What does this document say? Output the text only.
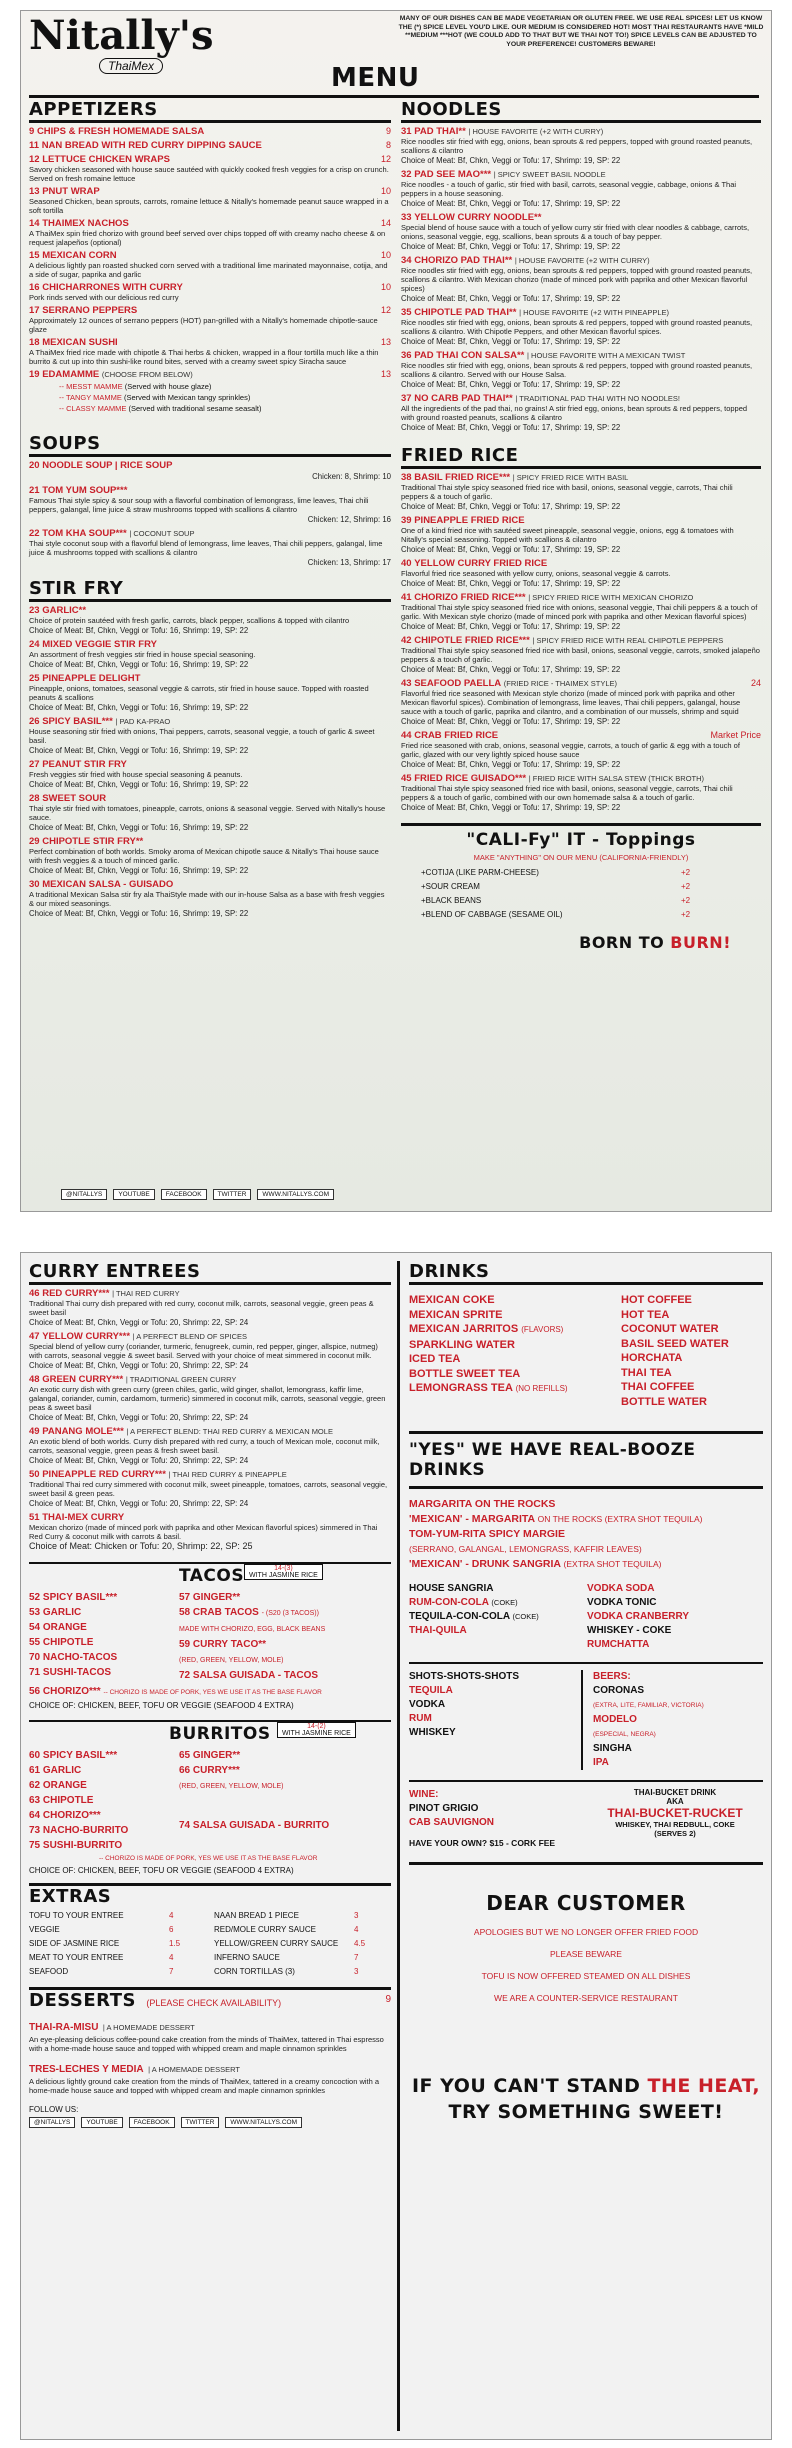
Nitally's
ThaiMex
MANY OF OUR DISHES CAN BE MADE VEGETARIAN OR GLUTEN FREE. WE USE REAL SPICES! LET US KNOW THE (*) SPICE LEVEL YOU'D LIKE. OUR MEDIUM IS CONSIDERED HOT! MOST THAI RESTAURANTS HAVE *MILD **MEDIUM ***HOT (WE COULD ADD TO THAT BUT WE THAI NOT TO!) SPICE LEVELS CAN BE ADJUSTED TO YOUR PREFERENCE! CUSTOMERS BEWARE!
MENU
APPETIZERS
9 CHIPS & FRESH HOMEMADE SALSA	9
11 NAN BREAD WITH RED CURRY DIPPING SAUCE	8
12 LETTUCE CHICKEN WRAPS	12
Savory chicken seasoned with house sauce sautéed with quickly cooked fresh veggies for a crisp on crunch. Served on fresh romaine lettuce
13 PNUT WRAP	10
Seasoned Chicken, bean sprouts, carrots, romaine lettuce & Nitally's homemade peanut sauce wrapped in a soft tortilla
14 THAIMEX NACHOS	14
A ThaiMex spin fried chorizo with ground beef served over chips topped off with creamy nacho cheese & on request jalapeños (optional)
15 MEXICAN CORN	10
A delicious lightly pan roasted shucked corn served with a traditional lime marinated mayonnaise, cotija, and a side of sugar, paprika and garlic
16 CHICHARRONES WITH CURRY	10
Pork rinds served with our delicious red curry
17 SERRANO PEPPERS	12
Approximately 12 ounces of serrano peppers (HOT) pan-grilled with a Nitally's homemade chipotle-sauce glaze
18 MEXICAN SUSHI	13
A ThaiMex fried rice made with chipotle & Thai herbs & chicken, wrapped in a flour tortilla much like a thin burrito & cut up into thin sushi-like round bites, served with a creamy sweet spicy Siracha sauce
19 EDAMAMME (CHOOSE FROM BELOW)	13
-- MESST MAMME (Served with house glaze)
-- TANGY MAMME (Served with Mexican tangy sprinkles)
-- CLASSY MAMME (Served with traditional sesame seasalt)
SOUPS
20 NOODLE SOUP | RICE SOUP
Chicken: 8, Shrimp: 10
21 TOM YUM SOUP***
Famous Thai style spicy & sour soup with a flavorful combination of lemongrass, lime leaves, Thai chili peppers, galangal, lime juice & straw mushrooms topped with scallions & cilantro
Chicken: 12, Shrimp: 16
22 TOM KHA SOUP*** | COCONUT SOUP
Thai style coconut soup with a flavorful blend of lemongrass, lime leaves, Thai chili peppers, galangal, lime juice & mushrooms topped with scallions & cilantro
Chicken: 13, Shrimp: 17
STIR FRY
23 GARLIC**
Choice of protein sautéed with fresh garlic, carrots, black pepper, scallions & topped with cilantro
Choice of Meat: Bf, Chkn, Veggi or Tofu: 16, Shrimp: 19, SP: 22
24 MIXED VEGGIE STIR FRY
An assortment of fresh veggies stir fried in house special seasoning.
Choice of Meat: Bf, Chkn, Veggi or Tofu: 16, Shrimp: 19, SP: 22
25 PINEAPPLE DELIGHT
Pineapple, onions, tomatoes, seasonal veggie & carrots, stir fried in house sauce. Topped with roasted peanuts & scallions
Choice of Meat: Bf, Chkn, Veggi or Tofu: 16, Shrimp: 19, SP: 22
26 SPICY BASIL*** | PAD KA-PRAO
House seasoning stir fried with onions, Thai peppers, carrots, seasonal veggie, a touch of garlic & sweet basil.
Choice of Meat: Bf, Chkn, Veggi or Tofu: 16, Shrimp: 19, SP: 22
27 PEANUT STIR FRY
Fresh veggies stir fried with house special seasoning & peanuts.
Choice of Meat: Bf, Chkn, Veggi or Tofu: 16, Shrimp: 19, SP: 22
28 SWEET SOUR
Thai style stir fried with tomatoes, pineapple, carrots, onions & seasonal veggie. Served with Nitally's house sauce.
Choice of Meat: Bf, Chkn, Veggi or Tofu: 16, Shrimp: 19, SP: 22
29 CHIPOTLE STIR FRY**
Perfect combination of both worlds. Smoky aroma of Mexican chipotle sauce & Nitally's Thai house sauce with fresh veggies & a touch of minced garlic.
Choice of Meat: Bf, Chkn, Veggi or Tofu: 16, Shrimp: 19, SP: 22
30 MEXICAN SALSA - GUISADO
A traditional Mexican Salsa stir fry ala ThaiStyle made with our in-house Salsa as a base with fresh veggies & our mixed seasonings.
Choice of Meat: Bf, Chkn, Veggi or Tofu: 16, Shrimp: 19, SP: 22
NOODLES
31 PAD THAI** | HOUSE FAVORITE (+2 WITH CURRY)
Rice noodles stir fried with egg, onions, bean sprouts & red peppers, topped with ground roasted peanuts, scallions & cilantro
Choice of Meat: Bf, Chkn, Veggi or Tofu: 17, Shrimp: 19, SP: 22
32 PAD SEE MAO*** | SPICY SWEET BASIL NOODLE
Rice noodles - a touch of garlic, stir fried with basil, carrots, seasonal veggie, cabbage, onions & Thai peppers in a house seasoning.
Choice of Meat: Bf, Chkn, Veggi or Tofu: 17, Shrimp: 19, SP: 22
33 YELLOW CURRY NOODLE**
Special blend of house sauce with a touch of yellow curry stir fried with clear noodles & cabbage, carrots, onions, seasonal veggie, egg, scallions, bean sprouts & a touch of bay pepper.
Choice of Meat: Bf, Chkn, Veggi or Tofu: 17, Shrimp: 19, SP: 22
34 CHORIZO PAD THAI** | HOUSE FAVORITE (+2 WITH CURRY)
Rice noodles stir fried with egg, onions, bean sprouts & red peppers, topped with ground roasted peanuts, scallions & cilantro. With Mexican chorizo (made of minced pork with paprika and other Mexican flavorful spices)
Choice of Meat: Bf, Chkn, Veggi or Tofu: 17, Shrimp: 19, SP: 22
35 CHIPOTLE PAD THAI** | HOUSE FAVORITE (+2 WITH PINEAPPLE)
Rice noodles stir fried with egg, onions, bean sprouts & red peppers, topped with ground roasted peanuts, scallions & cilantro. With Chipotle Peppers, and other Mexican flavorful spices.
Choice of Meat: Bf, Chkn, Veggi or Tofu: 17, Shrimp: 19, SP: 22
36 PAD THAI CON SALSA** | HOUSE FAVORITE WITH A MEXICAN TWIST
Rice noodles stir fried with egg, onions, bean sprouts & red peppers, topped with ground roasted peanuts, scallions & cilantro. Served with our House Salsa.
Choice of Meat: Bf, Chkn, Veggi or Tofu: 17, Shrimp: 19, SP: 22
37 NO CARB PAD THAI** | TRADITIONAL PAD THAI WITH NO NOODLES!
All the ingredients of the pad thai, no grains! A stir fried egg, onions, bean sprouts & red peppers, topped with ground roasted peanuts, scallions & cilantro
Choice of Meat: Bf, Chkn, Veggi or Tofu: 17, Shrimp: 19, SP: 22
FRIED RICE
38 BASIL FRIED RICE*** | SPICY FRIED RICE WITH BASIL
Traditional Thai style spicy seasoned fried rice with basil, onions, seasonal veggie, carrots, Thai chili peppers & a touch of garlic.
Choice of Meat: Bf, Chkn, Veggi or Tofu: 17, Shrimp: 19, SP: 22
39 PINEAPPLE FRIED RICE
One of a kind fried rice with sautéed sweet pineapple, seasonal veggie, onions, egg & tomatoes with Nitally's special seasoning. Topped with scallions & cilantro
Choice of Meat: Bf, Chkn, Veggi or Tofu: 17, Shrimp: 19, SP: 22
40 YELLOW CURRY FRIED RICE
Flavorful fried rice seasoned with yellow curry, onions, seasonal veggie & carrots.
Choice of Meat: Bf, Chkn, Veggi or Tofu: 17, Shrimp: 19, SP: 22
41 CHORIZO FRIED RICE*** | SPICY FRIED RICE WITH MEXICAN CHORIZO
Traditional Thai style spicy seasoned fried rice with onions, seasonal veggie, Thai chili peppers & a touch of garlic. With Mexican style chorizo (made of minced pork with paprika and other Mexican flavorful spices)
Choice of Meat: Bf, Chkn, Veggi or Tofu: 17, Shrimp: 19, SP: 22
42 CHIPOTLE FRIED RICE*** | SPICY FRIED RICE WITH REAL CHIPOTLE PEPPERS
Traditional Thai style spicy seasoned fried rice with basil, onions, seasonal veggie, carrots, smoked jalapeño peppers & a touch of garlic.
Choice of Meat: Bf, Chkn, Veggi or Tofu: 17, Shrimp: 19, SP: 22
43 SEAFOOD PAELLA (FRIED RICE - THAIMEX STYLE)	24
Flavorful fried rice seasoned with Mexican style chorizo (made of minced pork with paprika and other Mexican flavorful spices). Combination of lemongrass, lime leaves, Thai chili peppers, galangal, house sauce with a touch of garlic, paprika and cilantro, and a combination of our mussels, shrimp and squid
Choice of Meat: Bf, Chkn, Veggi or Tofu: 17, Shrimp: 19, SP: 22
44 CRAB FRIED RICE	Market Price
Fried rice seasoned with crab, onions, seasonal veggie, carrots, a touch of garlic & egg with a touch of garlic, glazed with our very lightly spiced house sauce
Choice of Meat: Bf, Chkn, Veggi or Tofu: 17, Shrimp: 19, SP: 22
45 FRIED RICE GUISADO*** | FRIED RICE WITH SALSA STEW (THICK BROTH)
Traditional Thai style spicy seasoned fried rice with basil, onions, seasonal veggie, carrots, Thai chili peppers & a touch of garlic, combined with our own homemade salsa & a touch of garlic.
Choice of Meat: Bf, Chkn, Veggi or Tofu: 17, Shrimp: 19, SP: 22
"CALI-Fy" IT - Toppings
MAKE "ANYTHING" ON OUR MENU (CALIFORNIA-FRIENDLY)
+COTIJA (LIKE PARM-CHEESE)	+2
+SOUR CREAM	+2
+BLACK BEANS	+2
+BLEND OF CABBAGE (SESAME OIL)	+2
BORN TO BURN!
@NITALLYS	YOUTUBE	FACEBOOK	TWITTER	WWW.NITALLYS.COM
CURRY ENTREES
46 RED CURRY*** | THAI RED CURRY
Traditional Thai curry dish prepared with red curry, coconut milk, carrots, seasonal veggie, green peas & sweet basil
Choice of Meat: Bf, Chkn, Veggi or Tofu: 20, Shrimp: 22, SP: 24
47 YELLOW CURRY*** | A PERFECT BLEND OF SPICES
Special blend of yellow curry (coriander, turmeric, fenugreek, cumin, red pepper, ginger, allspice, nutmeg) with carrots, seasonal veggie & sweet basil. Served with your choice of meat simmered in coconut milk.
Choice of Meat: Bf, Chkn, Veggi or Tofu: 20, Shrimp: 22, SP: 24
48 GREEN CURRY*** | TRADITIONAL GREEN CURRY
An exotic curry dish with green curry (green chiles, garlic, wild ginger, shallot, lemongrass, kaffir lime, galangal, coriander, cumin, cardamom, turmeric) simmered in coconut milk, carrots, seasonal veggie, green peas & sweet basil
Choice of Meat: Bf, Chkn, Veggi or Tofu: 20, Shrimp: 22, SP: 24
49 PANANG MOLE*** | A PERFECT BLEND: THAI RED CURRY & MEXICAN MOLE
An exotic blend of both worlds. Curry dish prepared with red curry, a touch of Mexican mole, coconut milk, carrots, seasonal veggie, green peas & fresh sweet basil.
Choice of Meat: Bf, Chkn, Veggi or Tofu: 20, Shrimp: 22, SP: 24
50 PINEAPPLE RED CURRY*** | THAI RED CURRY & PINEAPPLE
Traditional Thai red curry simmered with coconut milk, sweet pineapple, tomatoes, carrots, seasonal veggie, sweet basil & green peas.
Choice of Meat: Bf, Chkn, Veggi or Tofu: 20, Shrimp: 22, SP: 24
51 THAI-MEX CURRY
Mexican chorizo (made of minced pork with paprika and other Mexican flavorful spices) simmered in Thai Red Curry & coconut milk with carrots & basil.
Choice of Meat: Chicken or Tofu: 20, Shrimp: 22, SP: 25
TACOS	14-(3)
WITH JASMINE RICE
52 SPICY BASIL***
53 GARLIC
54 ORANGE
55 CHIPOTLE
70 NACHO-TACOS
71 SUSHI-TACOS
57 GINGER**
58 CRAB TACOS - (S20 (3 TACOS))
MADE WITH CHORIZO, EGG, BLACK BEANS
59 CURRY TACO**
(RED, GREEN, YELLOW, MOLE)
72 SALSA GUISADA - TACOS
56 CHORIZO*** -- CHORIZO IS MADE OF PORK, YES WE USE IT AS THE BASE FLAVOR
CHOICE OF: CHICKEN, BEEF, TOFU OR VEGGIE (SEAFOOD 4 EXTRA)
BURRITOS	14-(2)
WITH JASMINE RICE
60 SPICY BASIL***
61 GARLIC
62 ORANGE
63 CHIPOTLE
64 CHORIZO***
73 NACHO-BURRITO
75 SUSHI-BURRITO
65 GINGER**
66 CURRY***
(RED, GREEN, YELLOW, MOLE)
74 SALSA GUISADA - BURRITO
-- CHORIZO IS MADE OF PORK, YES WE USE IT AS THE BASE FLAVOR
CHOICE OF: CHICKEN, BEEF, TOFU OR VEGGIE (SEAFOOD 4 EXTRA)
EXTRAS
TOFU TO YOUR ENTREE	4
VEGGIE	6
SIDE OF JASMINE RICE	1.5
MEAT TO YOUR ENTREE	4
SEAFOOD	7
NAAN BREAD 1 PIECE	3
RED/MOLE CURRY SAUCE	4
YELLOW/GREEN CURRY SAUCE	4.5
INFERNO SAUCE	7
CORN TORTILLAS (3)	3
DESSERTS (PLEASE CHECK AVAILABILITY)	9
THAI-RA-MISU | A HOMEMADE DESSERT
An eye-pleasing delicious coffee-pound cake creation from the minds of ThaiMex, tattered in Thai espresso with a home-made house sauce and topped with whipped cream and maple cinnamon sprinkles
TRES-LECHES Y MEDIA | A HOMEMADE DESSERT
A delicious lightly ground cake creation from the minds of ThaiMex, tattered in a creamy concoction with a home-made house sauce and topped with whipped cream and maple cinnamon sprinkles
FOLLOW US:
@NITALLYS	YOUTUBE	FACEBOOK	TWITTER	WWW.NITALLYS.COM
DRINKS
MEXICAN COKE
MEXICAN SPRITE
MEXICAN JARRITOS (FLAVORS)
SPARKLING WATER
ICED TEA
BOTTLE SWEET TEA
LEMONGRASS TEA (NO REFILLS)
HOT COFFEE
HOT TEA
COCONUT WATER
BASIL SEED WATER
HORCHATA
THAI TEA
THAI COFFEE
BOTTLE WATER
"YES" WE HAVE REAL-BOOZE DRINKS
MARGARITA ON THE ROCKS
'MEXICAN' - MARGARITA ON THE ROCKS (EXTRA SHOT TEQUILA)
TOM-YUM-RITA SPICY MARGIE
(SERRANO, GALANGAL, LEMONGRASS, KAFFIR LEAVES)
'MEXICAN' - DRUNK SANGRIA (EXTRA SHOT TEQUILA)
HOUSE SANGRIA
RUM-CON-COLA (COKE)
TEQUILA-CON-COLA (COKE)
THAI-QUILA
VODKA SODA
VODKA TONIC
VODKA CRANBERRY
WHISKEY - COKE
RUMCHATTA
SHOTS-SHOTS-SHOTS
TEQUILA
VODKA
RUM
WHISKEY
BEERS:
CORONAS
(EXTRA, LITE, FAMILIAR, VICTORIA)
MODELO
(ESPECIAL, NEGRA)
SINGHA
IPA
WINE:
PINOT GRIGIO
CAB SAUVIGNON
HAVE YOUR OWN? $15 - CORK FEE
THAI-BUCKET DRINK
AKA
THAI-BUCKET-RUCKET
WHISKEY, THAI REDBULL, COKE
(SERVES 2)
DEAR CUSTOMER
APOLOGIES BUT WE NO LONGER OFFER FRIED FOOD
PLEASE BEWARE
TOFU IS NOW OFFERED STEAMED ON ALL DISHES
WE ARE A COUNTER-SERVICE RESTAURANT
IF YOU CAN'T STAND THE HEAT,
TRY SOMETHING SWEET!
